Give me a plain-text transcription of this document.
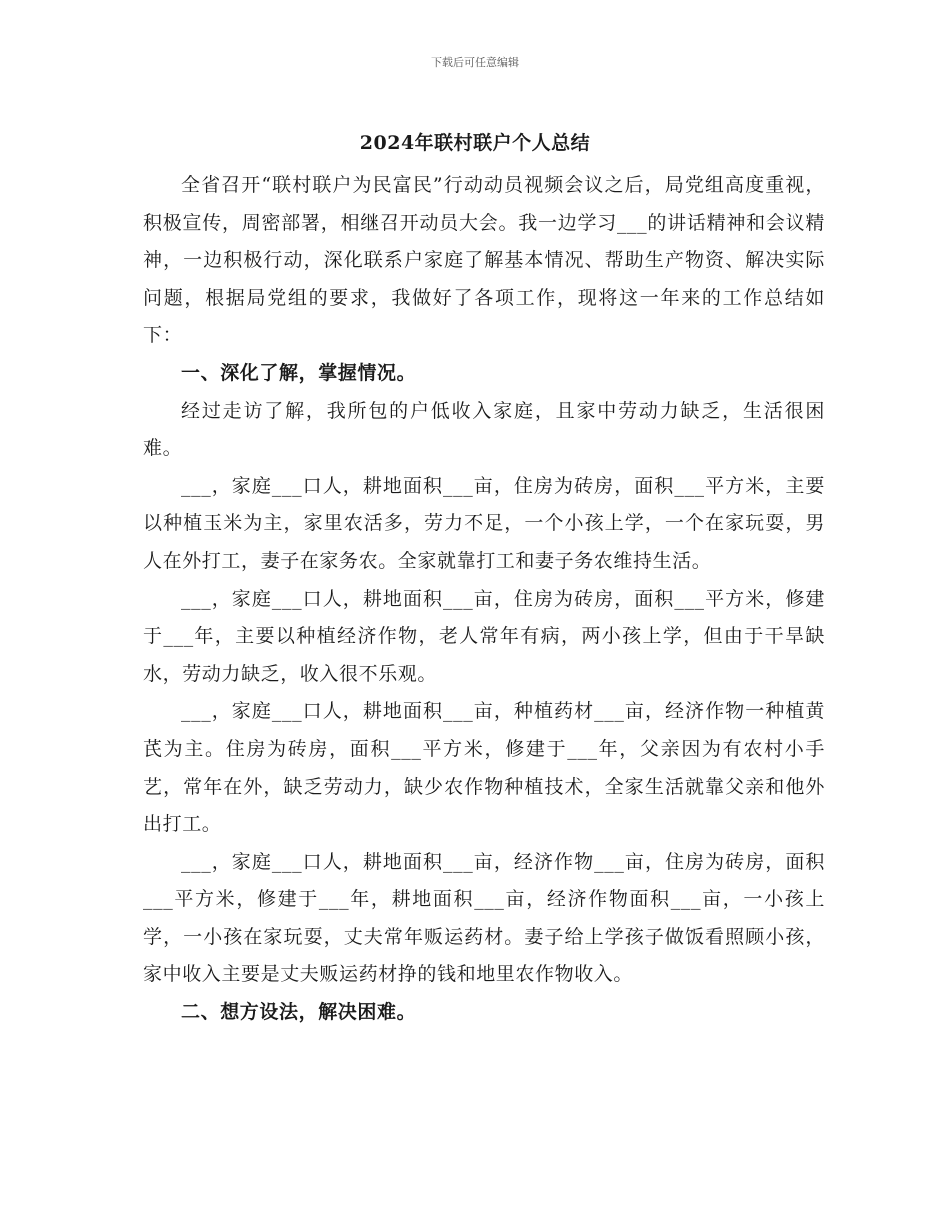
下载后可任意编辑
2024年联村联户个人总结

全省召开“联村联户为民富民”行动动员视频会议之后，局党组高度重视，积极宣传，周密部署，相继召开动员大会。我一边学习___的讲话精神和会议精神，一边积极行动，深化联系户家庭了解基本情况、帮助生产物资、解决实际问题，根据局党组的要求，我做好了各项工作，现将这一年来的工作总结如下：

一、深化了解，掌握情况。

经过走访了解，我所包的户低收入家庭，且家中劳动力缺乏，生活很困难。

___，家庭___口人，耕地面积___亩，住房为砖房，面积___平方米，主要以种植玉米为主，家里农活多，劳力不足，一个小孩上学，一个在家玩耍，男人在外打工，妻子在家务农。全家就靠打工和妻子务农维持生活。

___，家庭___口人，耕地面积___亩，住房为砖房，面积___平方米，修建于___年，主要以种植经济作物，老人常年有病，两小孩上学，但由于干旱缺水，劳动力缺乏，收入很不乐观。

___，家庭___口人，耕地面积___亩，种植药材___亩，经济作物一种植黄芪为主。住房为砖房，面积___平方米，修建于___年，父亲因为有农村小手艺，常年在外，缺乏劳动力，缺少农作物种植技术，全家生活就靠父亲和他外出打工。

___，家庭___口人，耕地面积___亩，经济作物___亩，住房为砖房，面积___平方米，修建于___年，耕地面积___亩，经济作物面积___亩，一小孩上学，一小孩在家玩耍，丈夫常年贩运药材。妻子给上学孩子做饭看照顾小孩，家中收入主要是丈夫贩运药材挣的钱和地里农作物收入。

二、想方设法，解决困难。
